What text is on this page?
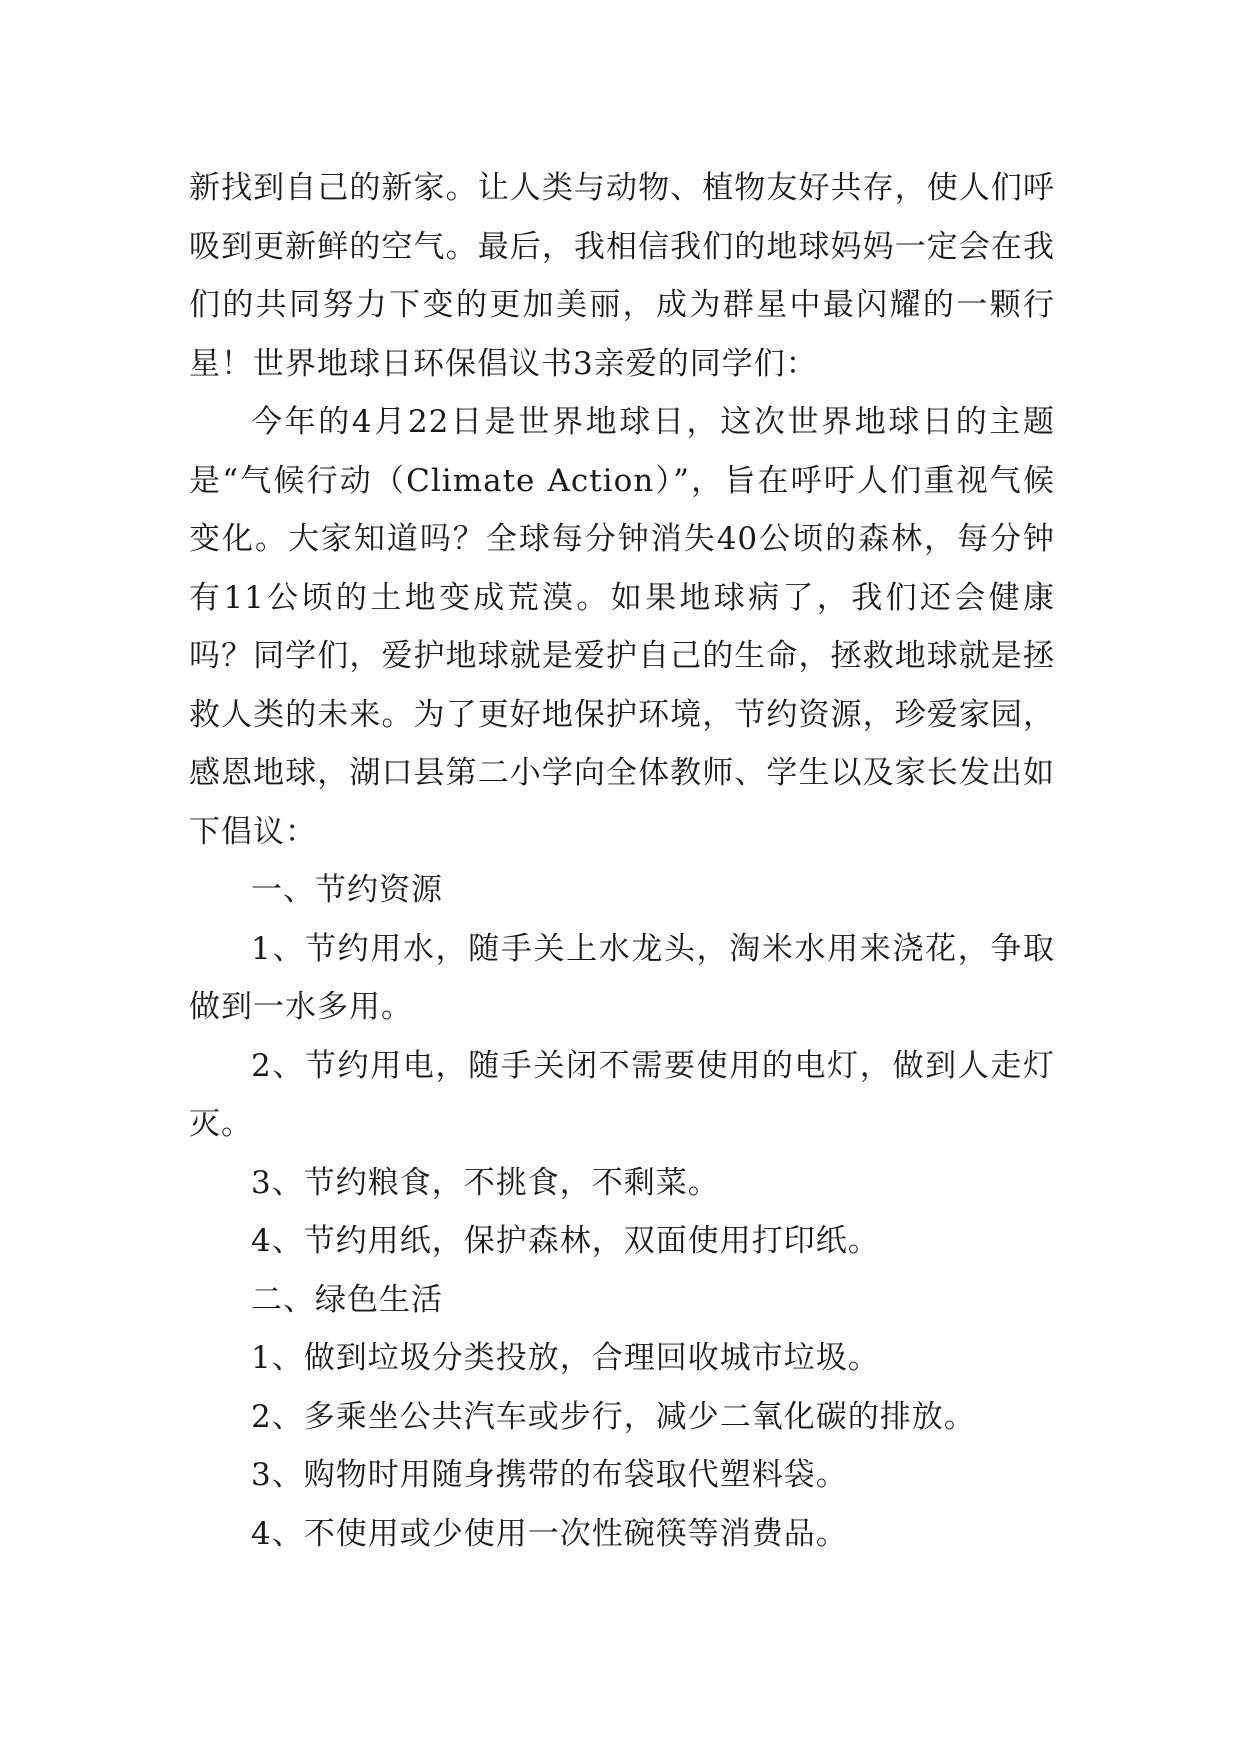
新找到自己的新家。让人类与动物、植物友好共存，使人们呼吸到更新鲜的空气。最后，我相信我们的地球妈妈一定会在我们的共同努力下变的更加美丽，成为群星中最闪耀的一颗行星！世界地球日环保倡议书3亲爱的同学们：

今年的4月22日是世界地球日，这次世界地球日的主题是“气候行动（Climate Action）”，旨在呼吁人们重视气候变化。大家知道吗？全球每分钟消失40公顷的森林，每分钟有11公顷的土地变成荒漠。如果地球病了，我们还会健康吗？同学们，爱护地球就是爱护自己的生命，拯救地球就是拯救人类的未来。为了更好地保护环境，节约资源，珍爱家园，感恩地球，湖口县第二小学向全体教师、学生以及家长发出如下倡议：

一、节约资源

1、节约用水，随手关上水龙头，淘米水用来浇花，争取做到一水多用。

2、节约用电，随手关闭不需要使用的电灯，做到人走灯灭。

3、节约粮食，不挑食，不剩菜。

4、节约用纸，保护森林，双面使用打印纸。

二、绿色生活

1、做到垃圾分类投放，合理回收城市垃圾。

2、多乘坐公共汽车或步行，减少二氧化碳的排放。

3、购物时用随身携带的布袋取代塑料袋。

4、不使用或少使用一次性碗筷等消费品。
